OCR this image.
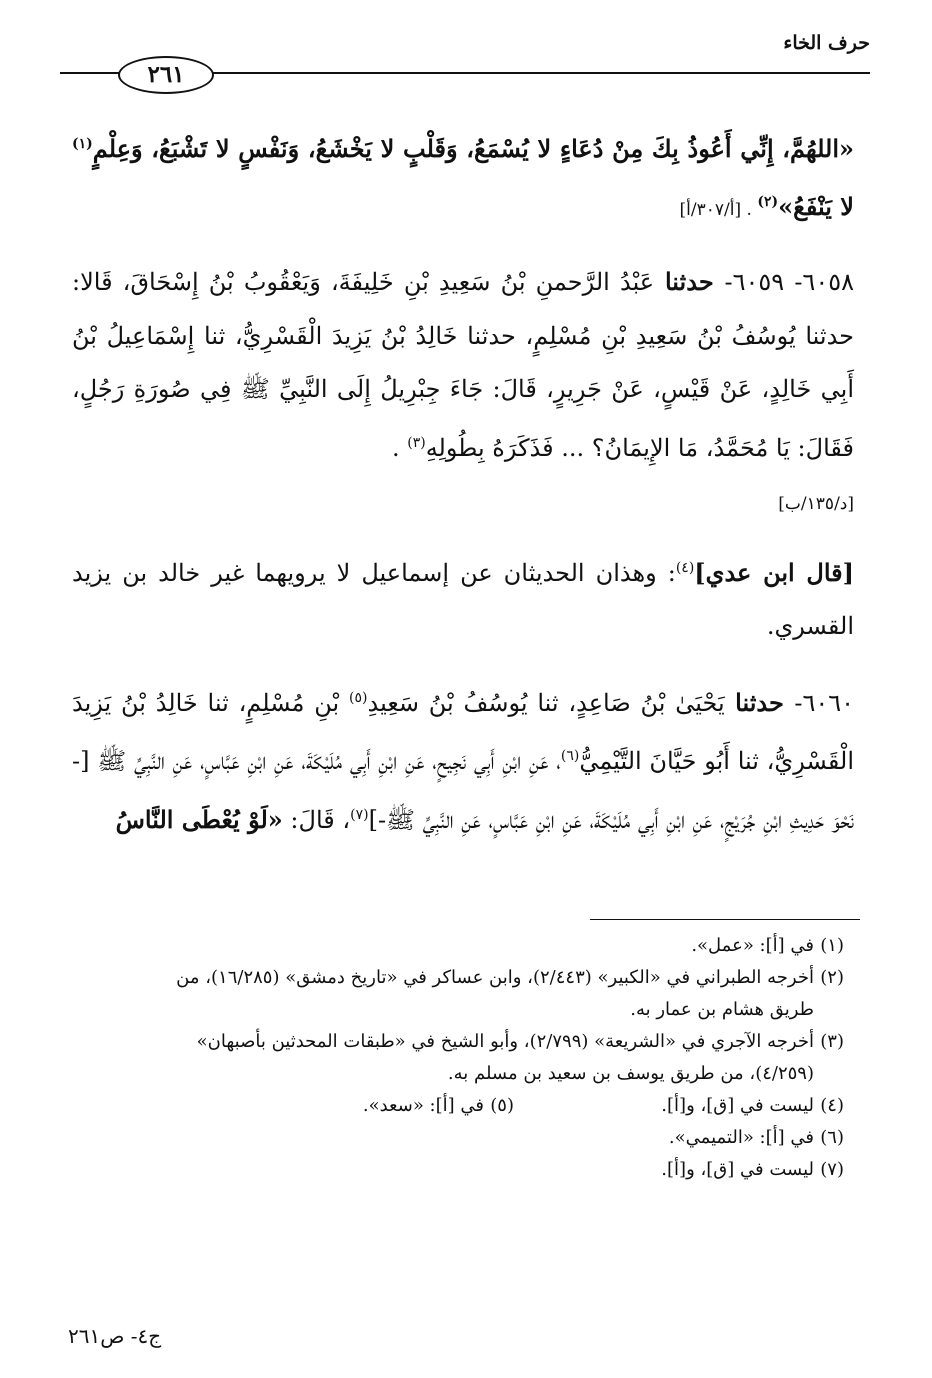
حرف الخاء
٢٦١

«اللهُمَّ، إِنِّي أَعُوذُ بِكَ مِنْ دُعَاءٍ لا يُسْمَعُ، وَقَلْبٍ لا يَخْشَعُ، وَنَفْسٍ لا تَشْبَعُ، وَعِلْمٍ$^{(١)}$ لا يَنْفَعُ»$^{(٢)}$ . [أ/٣٠٧/أ]

٦٠٥٨- ٦٠٥٩- حدثنا عَبْدُ الرَّحمنِ بْنُ سَعِيدِ بْنِ خَلِيفَةَ، وَيَعْقُوبُ بْنُ إِسْحَاقَ، قَالا: حدثنا يُوسُفُ بْنُ سَعِيدِ بْنِ مُسْلِمٍ، حدثنا خَالِدُ بْنُ يَزِيدَ الْقَسْرِيُّ، ثنا إِسْمَاعِيلُ بْنُ أَبِي خَالِدٍ، عَنْ قَيْسٍ، عَنْ جَرِيرٍ، قَالَ: جَاءَ جِبْرِيلُ إِلَى النَّبِيِّ ﷺ فِي صُورَةِ رَجُلٍ، فَقَالَ: يَا مُحَمَّدُ، مَا الإِيمَانُ؟ ... فَذَكَرَهُ بِطُولِهِ$^{(٣)}$ .

[د/١٣٥/ب]

[قال ابن عدي]$^{(٤)}$: وهذان الحديثان عن إسماعيل لا يرويهما غير خالد بن يزيد القسري.

٦٠٦٠- حدثنا يَحْيَىٰ بْنُ صَاعِدٍ، ثنا يُوسُفُ بْنُ سَعِيدِ$^{(٥)}$ بْنِ مُسْلِمٍ، ثنا خَالِدُ بْنُ يَزِيدَ الْقَسْرِيُّ، ثنا أَبُو حَيَّانَ التَّيْمِيُّ$^{(٦)}$، عَنِ ابْنِ أَبِي نَجِيحٍ، عَنِ ابْنِ أَبِي مُلَيْكَةَ، عَنِ ابْنِ عَبَّاسٍ، عَنِ النَّبِيِّ ﷺ [-نَحْوَ حَدِيثِ ابْنِ جُرَيْجٍ، عَنِ ابْنِ أَبِي مُلَيْكَةَ، عَنِ ابْنِ عَبَّاسٍ، عَنِ النَّبِيِّ ﷺ-]$^{(٧)}$، قَالَ: «لَوْ يُعْطَى النَّاسُ

(١)في [أ]: «عمل».

(٢)أخرجه الطبراني في «الكبير» (٢/٤٤٣)، وابن عساكر في «تاريخ دمشق» (١٦/٢٨٥)، من

طريق هشام بن عمار به.

(٣)أخرجه الآجري في «الشريعة» (٢/٧٩٩)، وأبو الشيخ في «طبقات المحدثين بأصبهان»

(٤/٢٥٩)، من طريق يوسف بن سعيد بن مسلم به.

(٤)ليست في [ق]، و[أ].

(٥)في [أ]: «سعد».

(٦)في [أ]: «التميمي».

(٧)ليست في [ق]، و[أ].

ج٤- ص٢٦١
